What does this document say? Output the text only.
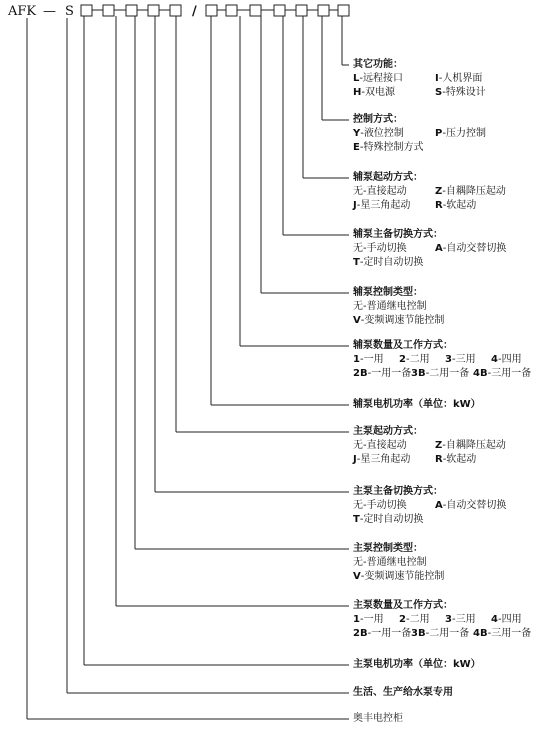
AFK — S	/
其它功能：
L-远程接口	I-人机界面
H-双电源	S-特殊设计
控制方式：
Y-液位控制	P-压力控制
E-特殊控制方式
辅泵起动方式：
无-直接起动	Z-自耦降压起动
J-星三角起动 R-软起动
辅泵主备切换方式：
无-手动切换	A-自动交替切换
T-定时自动切换
辅泵控制类型：
无-普通继电控制
V-变频调速节能控制
辅泵数量及工作方式：
1-一用 2-二用 3-三用 4-四用
2B-一用一备 3B-二用一备 4B-三用一备
辅泵电机功率（单位：kW）
主泵起动方式：
无-直接起动	Z-自耦降压起动
J-星三角起动 R-软起动
主泵主备切换方式：
无-手动切换	A-自动交替切换
T-定时自动切换
主泵控制类型：
无-普通继电控制
V-变频调速节能控制
主泵数量及工作方式：
1-一用 2-二用 3-三用 4-四用
2B-一用一备 3B-二用一备 4B-三用一备
主泵电机功率（单位：kW）
生活、生产给水泵专用
奥丰电控柜
